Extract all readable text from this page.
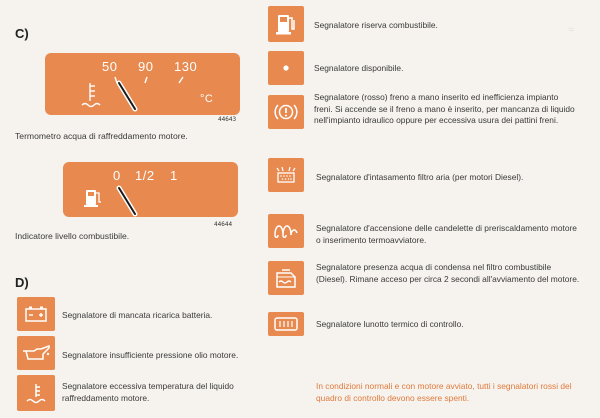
≈
C)
50 90 130
°C
44643
Termometro acqua di raffreddamento motore.
0 1/2 1
44644
Indicatore livello combustibile.
D)
Segnalatore di mancata ricarica batteria.
Segnalatore insufficiente pressione olio motore.
Segnalatore eccessiva temperatura del liquido raffreddamento motore.
Segnalatore riserva combustibile.
Segnalatore disponibile.
Segnalatore (rosso) freno a mano inserito ed inefficienza impianto freni. Si accende se il freno a mano è inserito, per mancanza di liquido nell'impianto idraulico oppure per eccessiva usura dei pattini freni.
Segnalatore d'intasamento filtro aria (per motori Diesel).
Segnalatore d'accensione delle candelette di preriscaldamento motore o inserimento termoavviatore.
Segnalatore presenza acqua di condensa nel filtro combustibile (Diesel). Rimane acceso per circa 2 secondi all'avviamento del motore.
Segnalatore lunotto termico di controllo.
In condizioni normali e con motore avviato, tutti i segnalatori rossi del quadro di controllo devono essere spenti.
